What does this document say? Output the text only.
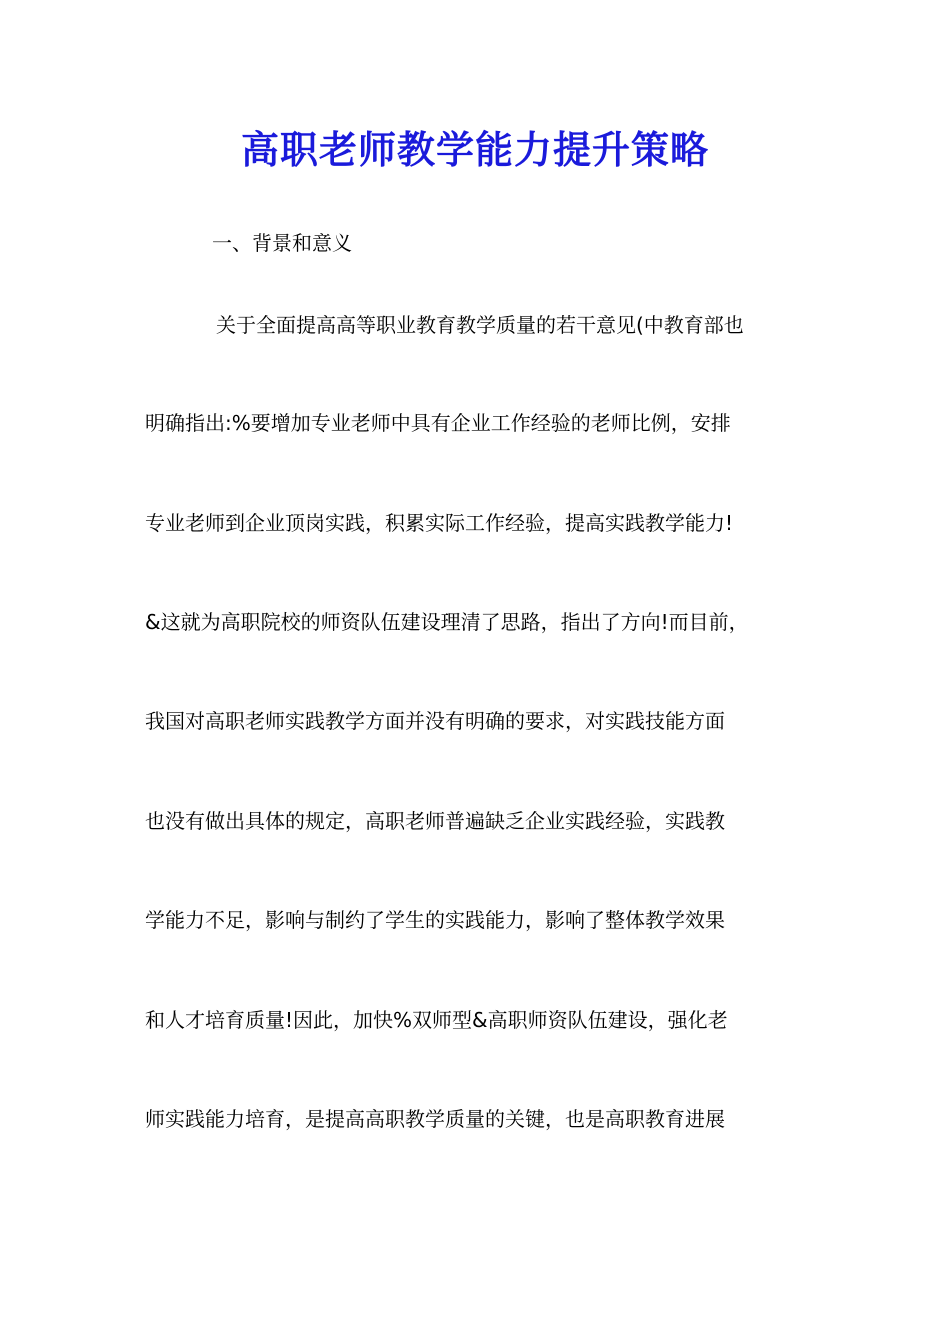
高职老师教学能力提升策略
一、背景和意义
关于全面提高高等职业教育教学质量的若干意见(中教育部也
明确指出:%要增加专业老师中具有企业工作经验的老师比例，安排
专业老师到企业顶岗实践，积累实际工作经验，提高实践教学能力!
&这就为高职院校的师资队伍建设理清了思路，指出了方向!而目前，
我国对高职老师实践教学方面并没有明确的要求，对实践技能方面
也没有做出具体的规定，高职老师普遍缺乏企业实践经验，实践教
学能力不足，影响与制约了学生的实践能力，影响了整体教学效果
和人才培育质量!因此，加快%双师型&高职师资队伍建设，强化老
师实践能力培育，是提高高职教学质量的关键，也是高职教育进展
